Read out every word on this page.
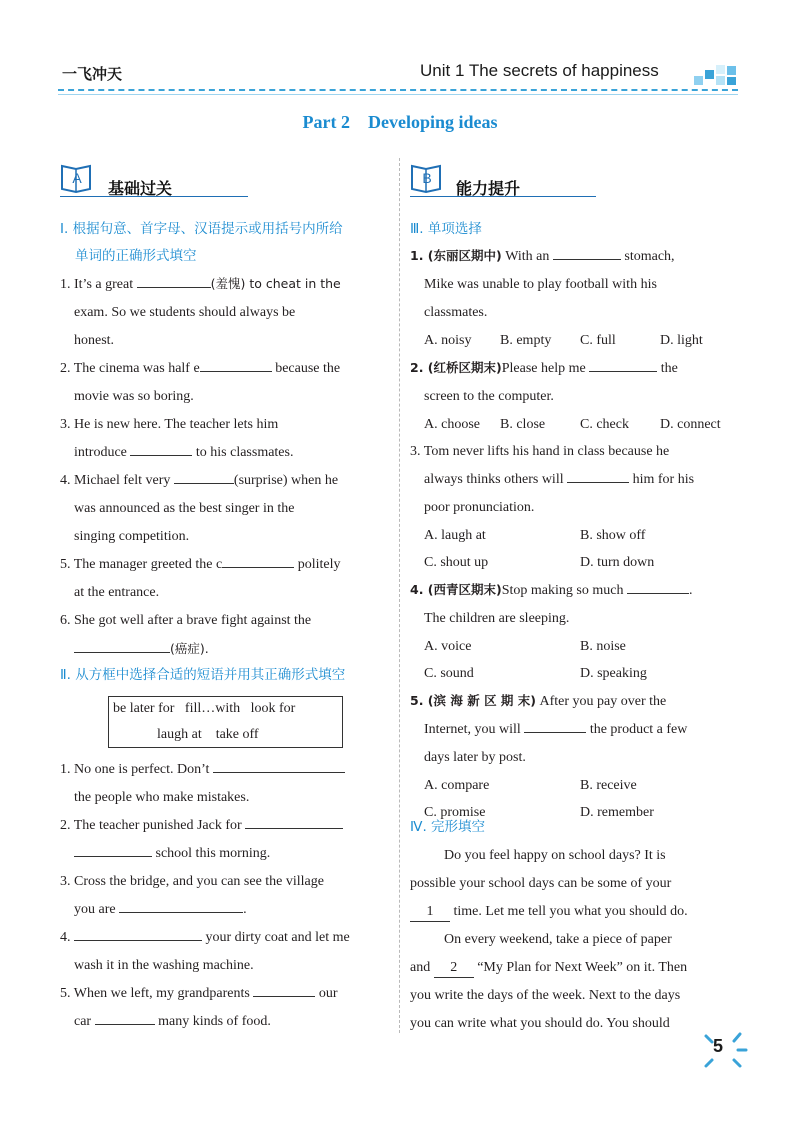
一飞冲天	Unit 1 The secrets of happiness
Part 2    Developing ideas
A
基础过关
Ⅰ. 根据句意、首字母、汉语提示或用括号内所给
单词的正确形式填空
1. It’s a great	(羞愧) to cheat in the
exam. So we students should always be
honest.
2. The cinema was half e	because the
movie was so boring.
3. He is new here. The teacher lets him
introduce	to his classmates.
4. Michael felt very	(surprise) when he
was announced as the best singer in the
singing competition.
5. The manager greeted the c	politely
at the entrance.
6. She got well after a brave fight against the
(癌症).
Ⅱ. 从方框中选择合适的短语并用其正确形式填空
be later for   fill…with   look for
laugh at    take off
1. No one is perfect. Don’t
the people who make mistakes.
2. The teacher punished Jack for
school this morning.
3. Cross the bridge, and you can see the village
you are	.
4.	your dirty coat and let me
wash it in the washing machine.
5. When we left, my grandparents	our
car	many kinds of food.
B
能力提升
Ⅲ. 单项选择
1. (东丽区期中) With an	stomach,
Mike was unable to play football with his
classmates.
A. noisy B. empty C. full	D. light
2. (红桥区期末)Please help me	the
screen to the computer.
A. choose B. close C. check D. connect
3. Tom never lifts his hand in class because he
always thinks others will	him for his
poor pronunciation.
A. laugh at	B. show off
C. shout up	D. turn down
4. (西青区期末)Stop making so much	.
The children are sleeping.
A. voice	B. noise
C. sound	D. speaking
5. (滨 海 新 区 期 末) After you pay over the
Internet, you will	the product a few
days later by post.
A. compare	B. receive
C. promise	D. remember
Ⅳ. 完形填空
Do you feel happy on school days? It is
possible your school days can be some of your
1 time. Let me tell you what you should do.
On every weekend, take a piece of paper
and 2 “My Plan for Next Week” on it. Then
you write the days of the week. Next to the days
you can write what you should do. You should
5
